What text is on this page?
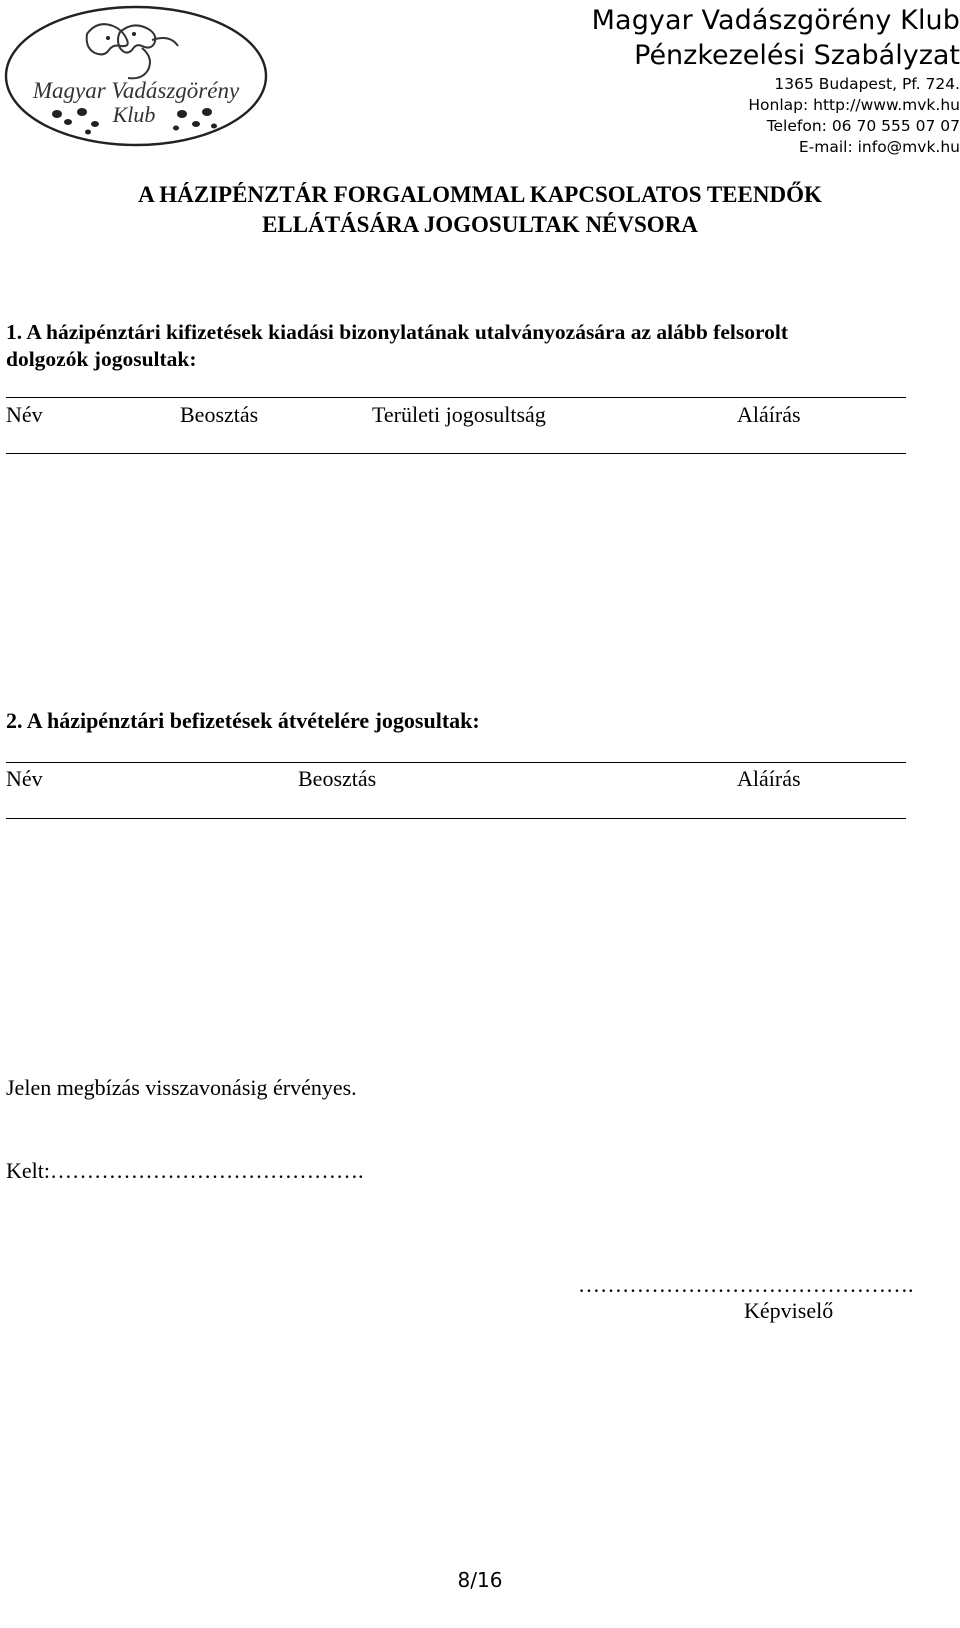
Magyar Vadászgörény
Klub
Magyar Vadászgörény Klub
Pénzkezelési Szabályzat
1365 Budapest, Pf. 724.
Honlap: http://www.mvk.hu
Telefon: 06 70 555 07 07
E-mail: info@mvk.hu
A HÁZIPÉNZTÁR FORGALOMMAL KAPCSOLATOS TEENDŐK
ELLÁTÁSÁRA JOGOSULTAK NÉVSORA
1. A házipénztári kifizetések kiadási bizonylatának utalványozására az alább felsorolt
dolgozók jogosultak:
Név	Beosztás	Területi jogosultság	Aláírás
2. A házipénztári befizetések átvételére jogosultak:
Név	Beosztás	Aláírás
Jelen megbízás visszavonásig érvényes.
Kelt:…………………………………….
……………………………………….
Képviselő
8/16
